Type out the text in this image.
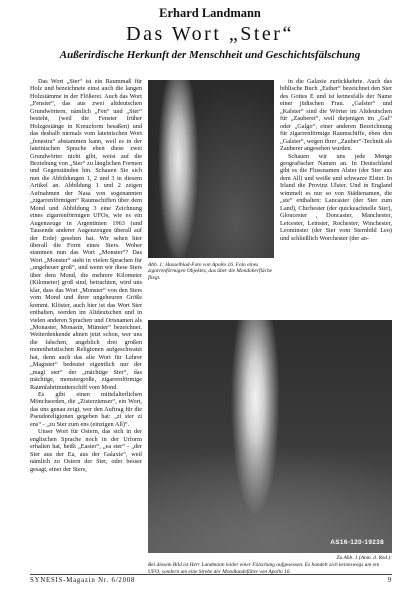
Erhard Landmann
Das Wort „Ster“
Außerirdische Herkunft der Menschheit und Geschichtsfälschung

Das Wort „Ster“ ist ein Raummaß für Holz und bezeichnete einst auch die langen Holzstämme in der Flößerei. Auch das Wort „Fenster“, das aus zwei altdeutschen Grundwörtern, nämlich „Fen“ und „Ster“ besteht, (weil die Fenster früher Holzgestänge in Kreuzform besaßen) und das deshalb niemals vom lateinischen Wort „fenestra“ abstammen kann, weil es in der lateinischen Sprache eben diese zwei Grundwörter nicht gibt, weist auf die Beziehung von „Ster“ zu länglichen Formen und Gegenständen hin. Schauen Sie sich nun die Abbildungen 1, 2 und 3 in diesem Artikel an. Abbildung 1 und 2 zeigen Aufnahmen der Nasa von sogenannten „zigarrenförmigen“ Raumschiffen über dem Mond und Abbildung 3 eine Zeichnung eines zigarrenförmigen UFOs, wie es ein Augenzeuge in Argentinien 1963 (und Tausende anderer Augenzeugen überall auf der Erde) gesehen hat. Wir sehen hier überall die Form eines Sters. Woher stammen nun das Wort „Monster“? Das Wort „Monster“ steht in vielen Sprachen für „ungeheuer groß“, und wenn wir diese Sters über dem Mond, die mehrere Kilometer (Kilometer) groß sind, betrachten, wird uns klar, dass das Wort „Monster“ von den Sters vom Mond und ihrer ungeheuren Größe kommt. Klöster, auch hier ist das Wort Ster enthalten, werden im Altdeutschen und in vielen anderen Sprachen und Ortsnamen als „Monaster, Monastir, Münster“ bezeichnet. Weiterdenkende ahnen jetzt schon, wer uns die falschen, angeblich drei großen monotheistischen Religionen aufgeschwatzt hat, denn auch das alte Wort für Lehrer „Magister“ bedeutet eigentlich nur der „magi ster“ der „mächtige Ster“, das mächtige, monstergroße, zigarrenförmige Raumfahrtmutterschiff vom Mond.

Es gibt einen mittelalterlichen Mönchsorden, die „Zisterzienser“, ein Wort, das uns genau zeigt, wer den Auftrag für die Pseudoreligionen gegeben hat: „zi ster zi ens“ - „zu Ster zum ens (einzigen All)“.

Unser Wort für Ostern, das sich in der englischen Sprache noch in der Urform erhalten hat, heißt „Easter“, „ea ster“ - „der Ster aus der Ea, aus der Galaxie“, weil nämlich zu Ostern der Ster, oder besser gesagt, einer der Sters,

Abb. 1: Hasselblad-Foto von Apollo 16. Foto eines zigarrenförmigen Objektes, das über die Mondoberfläche fliegt.

in die Galaxie zurückkehrte. Auch das biblische Buch „Esther“ bezeichnet den Ster des Gottes E und ist keinesfalls der Name einer jüdischen Frau. „Galster“ und „Kalster“ sind die Wörter im Altdeutschen für „Zauberei“, weil diejenigen im „Gal“ oder „Galgo“, einer anderen Bezeichnung für zigarrenförmige Raumschiffe, eben den „Galster“, wegen ihrer „Zauber“-Technik als Zauberer angesehen wurden.

Schauen wir uns jede Menge geografischer Namen an. In Deutschland gibt es die Flussnamen Alster (der Ster aus dem All) und weiße und schwarze Elster. In Irland die Provinz Ulster. Und in England wimmelt es nur so von Städtenamen, die „ste“ enthalten: Lancaster (der Ster zum Land), Chichester (der quickeachnelle Ster), Gloucester , Doncaster, Manchester, Leicester, Leinster, Rochester, Winchester, Leominster (der Ster vom Sternbild Leo) und schließlich Worchester (der an-

AS16-120-19238
Zu Abb. 1 (Anm. d. Red.):
Bei diesem Bild ist Herr Landmann leider einer Fälschung aufgesessen. Es handelt sich keineswegs um ein UFO, sondern um eine Strebe der Mondlandefähre von Apollo 16.
SYNESIS-Magazin Nr. 6/2008	9
